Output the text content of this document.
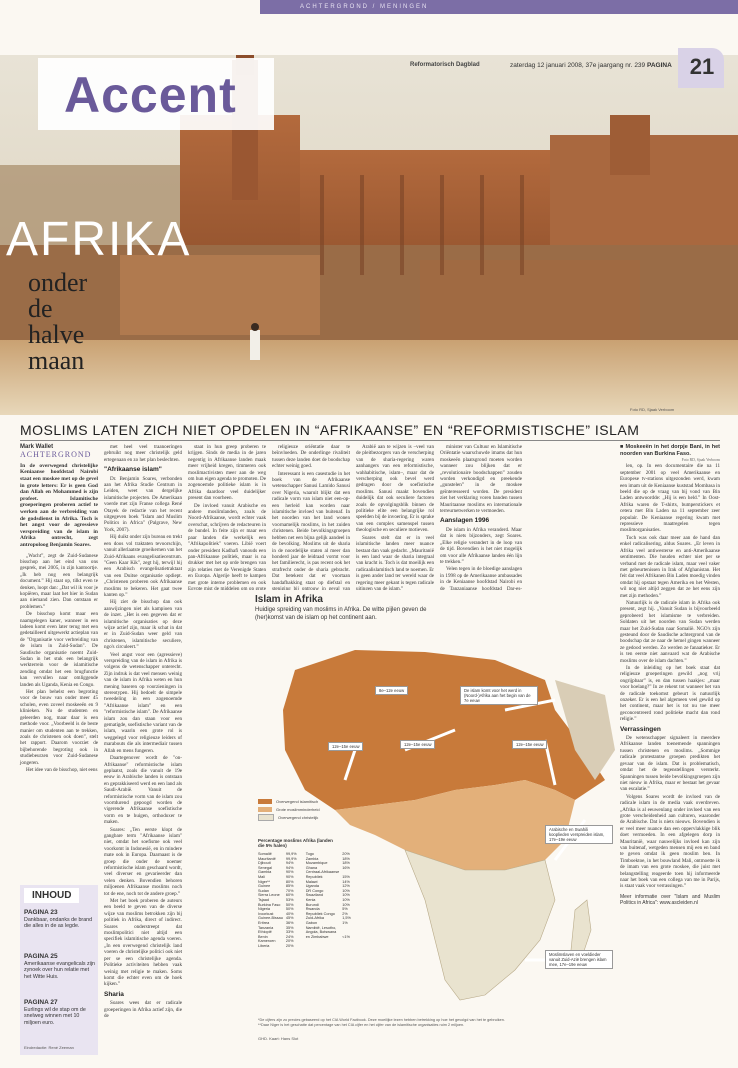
ACHTERGROND / MENINGEN
Accent
Reformatorisch Dagblad	zaterdag 12 januari 2008, 37e jaargang nr. 239 PAGINA 21
AFRIKA
onder
de
halve
maan
Foto RD, Sjaak Verboom
MOSLIMS LATEN ZICH NIET OPDELEN IN “AFRIKAANSE” EN “REFORMISTISCHE” ISLAM
Mark Wallet
ACHTERGROND
In de overwegend christelijke Keniaanse hoofdstad Nairobi staat een moskee met op de gevel in grote letters: Er is geen God dan Allah en Mohammed is zijn profeet. Islamitische groeperingen proberen actief te werken aan de verbreiding van de godsdienst in Afrika. Toch is het angst voor de agressieve verspreiding van de islam in Afrika ontrecht, zegt antropoloog Benjamin Soares.

„Wacht”, zegt de Zuid-Sudanese bisschop aan het eind van ons gesprek, mei 2005, in zijn kantoortje. „Ik heb nog een belangrijk document.” Hij staat op, tilkt even te denken, loopt dan: „Dat wil ik voor je kopiëren, maar laat het hier in Sudan aan niemand zien. Dan ontstaan er problemen.”

De bisschop komt maar een naamgelegen kaner, wanneer in een ladeen komt even later terug met een gedetailleerd uitgewerkt actieplan van de "Organisatie voor verbreiding van de islam in Zuid-Sudan". De Saudische organisatie noemt Zuid-Sudan in het stuk een belangrijk werkterrein voor de islamitische zending omdat het een brugfunctie kan vervullen naar omliggende landen als Uganda, Kenia en Congo.

Het plan behelst een begroting voor de bouw van onder meer 45 scholen, even zoveel moskeeën en 9 klinieken. Nu de studenten en geleerden nog, maar daar is een methode voor. „Voorbeeld is de beste manier om studenten aan te trekken, zoals de christenen ook doen”, stelt het rapport. Daarom voorziet de bijbehorende begroting ook in studiebeurzen voor Zuid-Sudanese jongeren.

Het idee van de bisschop, niet eens

INHOUD
PAGINA 23
Dankbaar, ondanks de brand die alles in de as legde.
PAGINA 25
Amerikaanse evangelicals zijn zynoek over hun relatie met het Witte Huis.
PAGINA 27
Eurlings wil de stap om de snelweg winnen met 10 miljoen euro.
Eindredactie: René Zeeman

met heel veel traanoeringen gebruikt nog meer christelijk geld ertegenaan en zo het plan beslechten.

"Afrikaanse islam"

Dr. Benjamin Soares, verbonden aan het Afrika Studie Centrum in Leiden, weet van dergelijke islamitische projecten. De Amerikaan voerde met zijn Franse collega René Otayek de redactie van het recent uitgegeven boek "Islam and Muslim Politics in Africa" (Palgrave, New York, 2007).

Hij duikt onder zijn bureau en trekt een doos vol traktaten tevoorschijn, vanuit allerlaatste groeikernen van het Zuid-Afrikaans evangelisatiecentrum. "Geen Kaar Kik", zegt hij, terwijl hij een Arabisch evangelisatietraktaat van een Duitse organisatie opdiept. „Christenen proberen ook Afrikaanse moslims te bekeren. Het gaat twee kanten op.”

Hij ziet de bisschop dan ook aanwijzingen niet als kampioen van de inzet. „Het is een gegeven dat er islamitische organisaties op deze wijze actief zijn, maar ik schat in dat er in Zuid-Sudan weer geld van christenen, islamitische seculiere, ngo's circuleert.”

Veel angst voor een (agressieve) verspreiding van de islam in Afrika is volgens de wetenschapper onterecht. Zijn indruk is dat veel mensen weinig van de islam in Afrika weten en hun mening baseren op voorzieningen in stereotypen. Hij bedoelt de simpele tweedeling in een zogenoemde "Afrikaanse islam" en een "reformistische islam". De Afrikaanse islam zou dan staan voor een gematigde, soefistische variant van de islam, waarin een grote rol is weggelegd voor religieuze leiders of marabouts die als intermediair tussen Allah en mens fungeren.

Daartegenover wordt de "on-Afrikaanse" reformistische islam geplaatst, zoals die vanuit de 19e eeuw in Arabische landen is ontstaan en geprakkiseerd werd en een land als Saudi-Arabië. Vanuit de reformistische vorm van de islam zou voortdurend gepoogd worden de vigerende Afrikaanse soefistische vorm en te huigen, orthodoxer te maken.

Soares: „Ten eerste klopt de gangbare term "Afrikaanse islam" niet, omdat het soefisme ook veel voorkomt in Indonesië, en in mindere mate ook in Europa. Daarnaast is de groep die onder de noemer reformistische islam geschaard wordt, veel diverser en gevarieerder dan velen denken. Bovendien behoren miljoenen Afrikaanse moslims noch tot de ene, noch tot de andere groep.”

Met het boek proberen de auteurs een beeld te geven van de diverse wijze van moslims betrokken zijn bij politiek in Afrika, direct of indirect. Soares onderstreept dat moslimpolitici niet altijd een specifiek islamitische agenda voeren. „In een overwegend christelijk land voeren de christelijke politici ook niet per se een christelijke agenda. Politieke activiteiten hebben vaak weinig met religie te maken. Soms komt die echter even om de hoek kijken.”

Sharia

Soares wees dat er radicale groeperingen in Afrika actief zijn, die de

staat in hun greep proberen te krijgen. Sinds de media in de jaren negentig in Afrikaanse landen maak meer vrijheid kregen, timmeren ook moslimactivisten meer aan de weg om hun eigen agenda te promoten. De zogenoemde politieke islam is in Afrika daardoor veel duidelijker present dan voorheen.

De invloed vanuit Arabische en andere moslimlanden, zoals de Noord-Afrikaanse, wordt echter vaak overschat, schrijven de redacteuren in de bundel. In feite zijn er maar een paar landen die werkelijk een "Afrikapolitiek" voeren. Libië voert onder president Kadhafi vanouds een pan-Afrikaanse politiek, maar is na drukker met het op orde brengen van zijn relaties met de Verenigde Staten en Europa. Algerije heeft te kampen met grote interne problemen en ook Egypte mist de middelen om op grote

religieuze oriëntatie daar te beïnvloeden. De onderlinge rivaliteit tussen deze landen doet de boodschap echter weinig goed.

Interessant is een casestudie in het boek van de Afrikaanse wetenschapper Sanusi Lamido Sanusi over Nigeria, waaruit blijkt dat een radicale vorm van islam niet een-op-een herleid kan worden naar islamitische invloed van buitenaf. In het noorden van het land wonen voornamelijk moslims, in het zuiden christenen. Beide bevolkingsgroepen hebben net een bijna gelijk aandeel in de bevolking. Moslims uit de sharia in de noordelijke staten al meer dan honderd jaar de leidraad vormt voor het familierecht, is pas recent ook het strafrecht onder de sharia gebracht. Dat betekent dat er voortaan handafhakking staat op diefstal en steniging bij ontrouw in geval van

Arabië aan te wijzen is –veel van de pleitbezorgers van de verscherping van de sharia-regering waren aanhangers van een reformistische, wahhabitische, islam–, maar dat de verscherping ook bevel werd gedragen door de soefistische moslims. Sanusi maakt bovendien duidelijk dat ook seculiere factoren zoals de opvolgingsblik binnen de politieke elite een belangrijke rol speelden bij de invoering. Er is sprake van een complex samenspel tussen theologische en seculiere motieven.

Soares stelt dat er in veel islamitische landen meer nuance bestaat dan vaak gedacht. „Mauritanië is een land waar de sharia integraal van kracht is. Toch is dat moeilijk een radicaalislamitisch land te noemen. Er is geen ander land ter wereld waar de regering meer gekant is tegen radicale uitingen van de islam.”

minister van Cultuur en Islamitische Oriëntatie waarschuwde imams dat hun moskeeën plaatsgrond moeten worden wanneer zou blijken dat er „revolutionaire boodschappen” zouden worden verkondigd en preekende „gunstelen” in de moskee geïnteresseerd worden. De president ziet het verklaring voren banden tussen Mauritaanse moslims en internationale terreurnetwerken te vermoeden.

Aanslagen 1996

De islam in Afrika veranderd. Maar dat is niets bijzonders, zegt Soares. „Elke religie verandert in de loop van de tijd. Bovendien is het niet mogelijk om voor alle Afrikaanse landen één lijn te trekken.”

Velen tegen in de bloedige aanslagen in 1998 op de Amerikaanse ambassades in de Keniaanse hoofdstad Nairobi en de Tanzaniaanse hoofdstad Dar-es-

■ Moskeeën in het dorpje Bani, in het noorden van Burkina Faso.
Foto RD, Sjaak Verboom

len, op. In een documentaire die na 11 september 2001 op veel Amerikaanse en Europese tv-stations uitgezonden werd, kwam een imam uit de Keniaanse kuststad Mombasa in beeld die op de vraag van bij vond van Bin Laden antwoordde: „Hij is een held.” In Oost-Afrika waren de T-shirts, bumperstickers et cetera met Bin Laden na 11 september zeer populair. De Keniaanse regering kwam met repressieve maatregelen tegen moslimorganisaties.

Toch was ook daar meer aan de hand dan enkel radicalisering, aldus Soares. „Er leven in Afrika veel antiwesterse en anti-Amerikaanse sentimenten. Die houden echter niet per se verband met de radicale islam, maar veel vaker met gebeurtenissen in Irak of Afghanistan. Het feit dat veel Afrikanen Bin Laden moedig vinden omdat hij opstaat tegen Amerika en het Westen, wil nog niet altijd zeggen dat ze het eens zijn met zijn methoden.”

Natuurlijk is de radicale islam in Afrika ook present, zegt hij. „Vanuit Sudan is bijvoorbeeld geprobeerd het islamisme te verbreiden. Soldaten uit het noorden van Sudan werden maar het Zuid-Sudan naar Somalië. NGO's zijn gesteund door de Saudische achtergrond van de boodschap dat ze naar de hemel gingen wanneer ze gedood werden. Zo werden ze fanaatieker. Er is ten eerste niet aanvaard wat de Arabische moslims over de islam dachten.”

In de inleiding op het boek staat dat religieuze groeperingen gewild „nog vrij ongrijpbaar” is, en dan tussen haakjes: „maar voor hoelang?” In ze rekent tot wanneer het van de radicale toekomst gebeurt is natuurlijk onzeker. Er is een hel algemeen veel gewild op het continent, maar het is tot nu toe meer geconcentreerd rond politieke macht dan rond religie.”

Verrassingen

De wetenschapper signaleert in meerdere Afrikaanse landen toenemende spanningen tussen christenen en moslims. „Sommige radicale protestantse groepen predikten het gevaar van de islam. Dat is problematisch, omdat het de tegenstellingen versterkt. Spanningen tussen beide bevolkingsgroepen zijn niet nieuw in Afrika, maar er bestaat het gevaar van escalatie.”

Volgens Soares wordt de invloed van de radicale islam in de media vaak overdreven. „Afrika is al eeuwenlang onder invloed van een grote verscheidenheid aan culturen, waaronder de Arabische. Dat is niets nieuws. Bovendien is er veel meer nuance dan een oppervlakkige blik doet vermoeden. In een afgelegen dorp in Mauritanië, waar nauwelijks invloed kan zijn van buitenaf, wetgeden mensen mij een en band te geven omdat ik geen moslim ben. In Timboektoe, in het bouwland Mali, ontmoette ik de imam van een grote moskee, die juist met belangstelling reageerde toen hij informeerde naar het boek van een collega van me in Parijs, is staat vaak voor verrassingen.”

Meer informatie over "Islam and Muslim Politics in Africa": www.ascleiden.nl
Islam in Afrika
Huidige spreiding van moslims in Afrika. De witte pijlen geven de (her)komst van de islam op het continent aan.
8e–12e eeuw	De islam komt voor het werd in (Noord-)Afrika aan het begin van de 7e eeuw
12e–15e eeuw	12e–15e eeuw	12e–15e eeuw
Arabische en Swahili kooplieden verspreiden islam, 17e–19e eeuw
Moslimslaven en voeldieder vanuit Zuid-Azië brengen islam mee, 17e–19e eeuw
Overwegend islamitisch
Grote moslimminderheid
Overwegend christelijk
Percentage moslims Afrika (landen die 5% halen)
Somalië	99,9%
Mauritanië	99,9%
Djibouti	94%
Senegal	94%
Gambia	90%
Mali	90%
Niger**	80%
Guinee	85%
Sudan	70%
Sierra Leone	60%
Tsjaad	53%
Burkina Faso	50%
Nigeria	50%
Ivoorkust	40%
Guinee-Bissau	45%
Eritrea	36%
Tanzania	35%
Ethiopië	33%
Benin	24%
Kameroen	20%
Liberia	20%
Togo	20%
Zambia	18%
Mozambique	18%
Ghana	16%
Centraal-Afrikaanse	
Republiek	15%
Malawi	14%
Uganda	12%
DR Congo	10%
Swaziland	10%
Kenia	10%
Burundi	10%
Rwanda	5%
Republiek Congo	2%
Zuid-Afrika	1,5%
Gabon	1%
Namibië, Lesotho,	
Angola, Botswana	
en Zimbabwe	<1%
*De cijfers zijn zo precies gebaseerd op het CIA World Factbook. Deze moeilijke lezen hebben betrekking op hoe het gevolgd van het te gebruiken. **Daar Niger is het geschatte dat percentage van het CIA cijfer en het cijfer van de islamitische organisaties ruim 2 miljoen.
GHD. Kaart: Hans Slot
